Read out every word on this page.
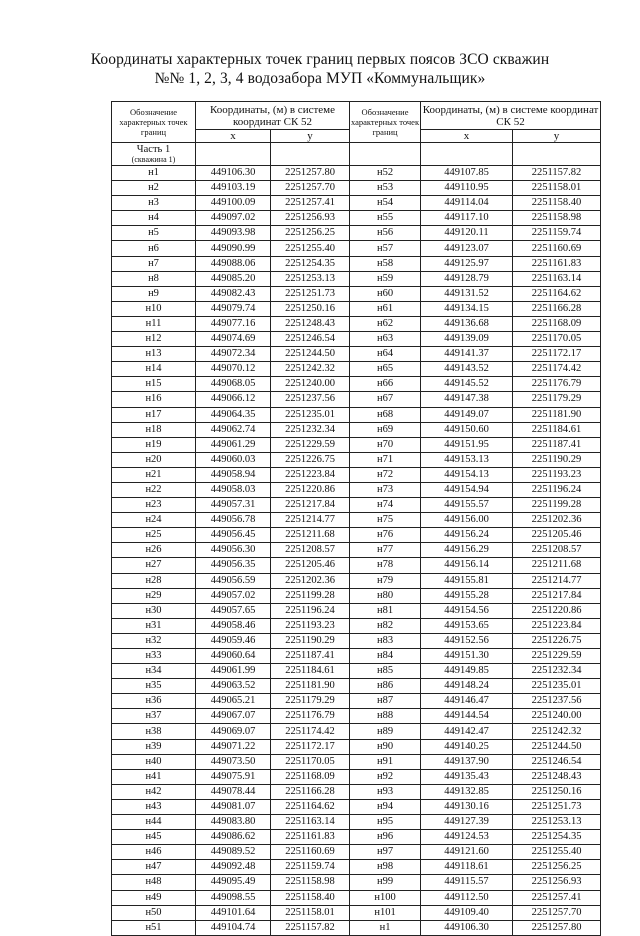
Координаты характерных точек границ первых поясов ЗСО скважин
№№ 1, 2, 3, 4 водозабора МУП «Коммунальщик»
Обозначение характерных точек границ	Координаты, (м) в системе координат СК 52		Обозначение характерных точек границ	Координаты, (м) в системе координат СК 52	
	х	у		х	у
Часть 1
(скважина 1)					

н1	449106.30	2251257.80	н52	449107.85	2251157.82
н2	449103.19	2251257.70	н53	449110.95	2251158.01
н3	449100.09	2251257.41	н54	449114.04	2251158.40
н4	449097.02	2251256.93	н55	449117.10	2251158.98
н5	449093.98	2251256.25	н56	449120.11	2251159.74
н6	449090.99	2251255.40	н57	449123.07	2251160.69
н7	449088.06	2251254.35	н58	449125.97	2251161.83
н8	449085.20	2251253.13	н59	449128.79	2251163.14
н9	449082.43	2251251.73	н60	449131.52	2251164.62
н10	449079.74	2251250.16	н61	449134.15	2251166.28
н11	449077.16	2251248.43	н62	449136.68	2251168.09
н12	449074.69	2251246.54	н63	449139.09	2251170.05
н13	449072.34	2251244.50	н64	449141.37	2251172.17
н14	449070.12	2251242.32	н65	449143.52	2251174.42
н15	449068.05	2251240.00	н66	449145.52	2251176.79
н16	449066.12	2251237.56	н67	449147.38	2251179.29
н17	449064.35	2251235.01	н68	449149.07	2251181.90
н18	449062.74	2251232.34	н69	449150.60	2251184.61
н19	449061.29	2251229.59	н70	449151.95	2251187.41
н20	449060.03	2251226.75	н71	449153.13	2251190.29
н21	449058.94	2251223.84	н72	449154.13	2251193.23
н22	449058.03	2251220.86	н73	449154.94	2251196.24
н23	449057.31	2251217.84	н74	449155.57	2251199.28
н24	449056.78	2251214.77	н75	449156.00	2251202.36
н25	449056.45	2251211.68	н76	449156.24	2251205.46
н26	449056.30	2251208.57	н77	449156.29	2251208.57
н27	449056.35	2251205.46	н78	449156.14	2251211.68
н28	449056.59	2251202.36	н79	449155.81	2251214.77
н29	449057.02	2251199.28	н80	449155.28	2251217.84
н30	449057.65	2251196.24	н81	449154.56	2251220.86
н31	449058.46	2251193.23	н82	449153.65	2251223.84
н32	449059.46	2251190.29	н83	449152.56	2251226.75
н33	449060.64	2251187.41	н84	449151.30	2251229.59
н34	449061.99	2251184.61	н85	449149.85	2251232.34
н35	449063.52	2251181.90	н86	449148.24	2251235.01
н36	449065.21	2251179.29	н87	449146.47	2251237.56
н37	449067.07	2251176.79	н88	449144.54	2251240.00
н38	449069.07	2251174.42	н89	449142.47	2251242.32
н39	449071.22	2251172.17	н90	449140.25	2251244.50
н40	449073.50	2251170.05	н91	449137.90	2251246.54
н41	449075.91	2251168.09	н92	449135.43	2251248.43
н42	449078.44	2251166.28	н93	449132.85	2251250.16
н43	449081.07	2251164.62	н94	449130.16	2251251.73
н44	449083.80	2251163.14	н95	449127.39	2251253.13
н45	449086.62	2251161.83	н96	449124.53	2251254.35
н46	449089.52	2251160.69	н97	449121.60	2251255.40
н47	449092.48	2251159.74	н98	449118.61	2251256.25
н48	449095.49	2251158.98	н99	449115.57	2251256.93
н49	449098.55	2251158.40	н100	449112.50	2251257.41
н50	449101.64	2251158.01	н101	449109.40	2251257.70
н51	449104.74	2251157.82	н1	449106.30	2251257.80
